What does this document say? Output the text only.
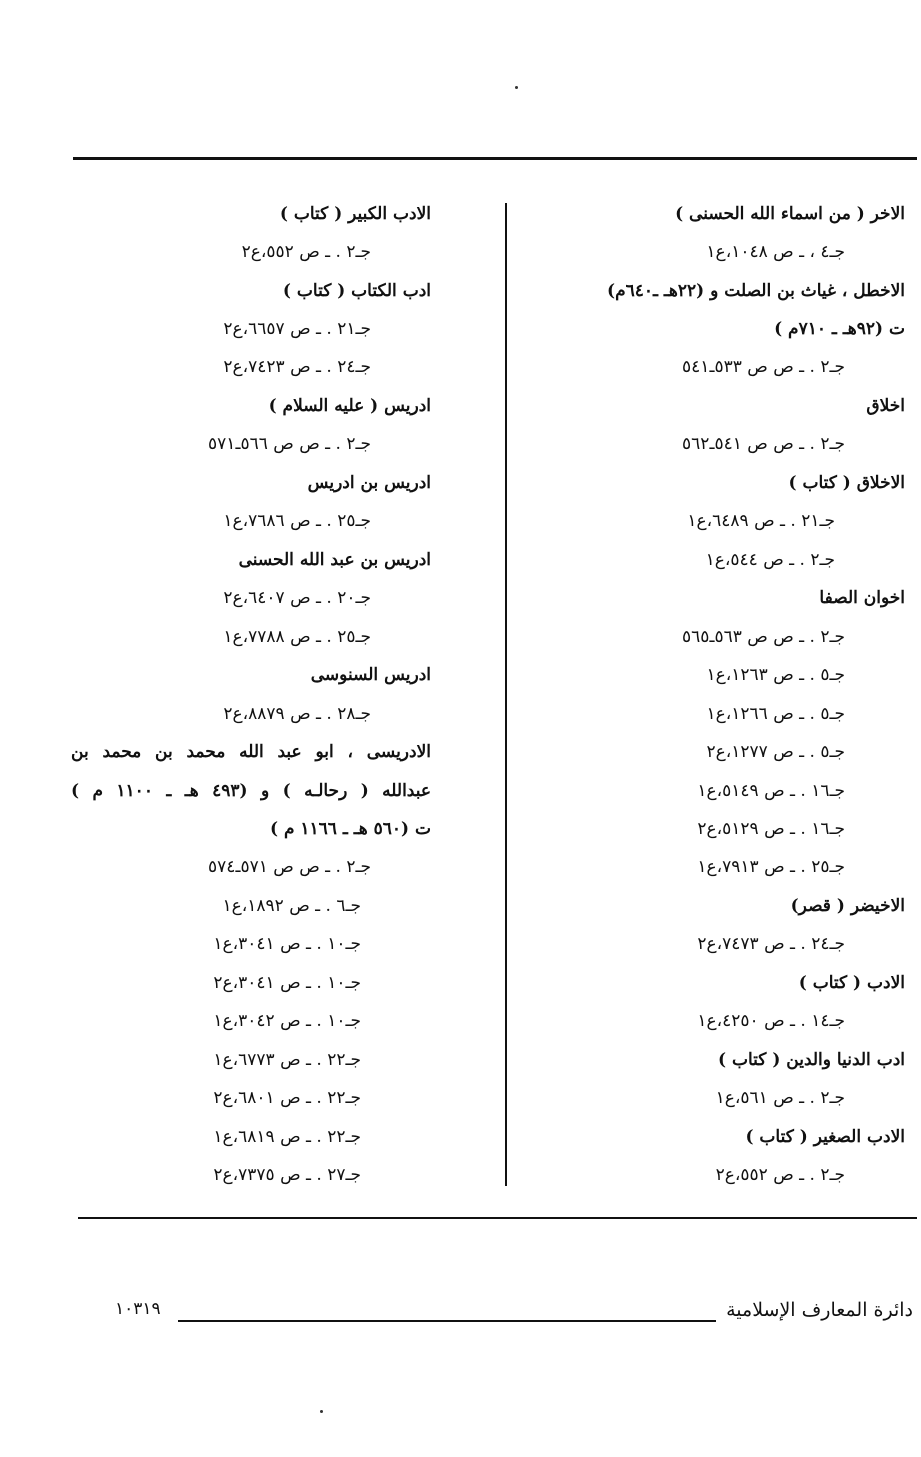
الاخر ( من اسماء الله الحسنى )
جـ٤ ، ـ ص ١٠٤٨،ع١
الاخطل ، غياث بن الصلت و (٢٢هـ ـ٦٤٠م)
ت (٩٢هـ ـ ٧١٠م )
جـ٢ . ـ ص ص ٥٣٣ـ٥٤١
اخلاق
جـ٢ . ـ ص ص ٥٤١ـ٥٦٢
الاخلاق ( كتاب )
جـ٢١ . ـ ص ٦٤٨٩،ع١
جـ٢ . ـ ص ٥٤٤،ع١
اخوان الصفا
جـ٢ . ـ ص ص ٥٦٣ـ٥٦٥
جـ٥ . ـ ص ١٢٦٣،ع١
جـ٥ . ـ ص ١٢٦٦،ع١
جـ٥ . ـ ص ١٢٧٧،ع٢
جـ١٦ . ـ ص ٥١٤٩،ع١
جـ١٦ . ـ ص ٥١٢٩،ع٢
جـ٢٥ . ـ ص ٧٩١٣،ع١
الاخيضر ( قصر)
جـ٢٤ . ـ ص ٧٤٧٣،ع٢
الادب ( كتاب )
جـ١٤ . ـ ص ٤٢٥٠،ع١
ادب الدنيا والدين ( كتاب )
جـ٢ . ـ ص ٥٦١،ع١
الادب الصغير ( كتاب )
جـ٢ . ـ ص ٥٥٢،ع٢
الادب الكبير ( كتاب )
جـ٢ . ـ ص ٥٥٢،ع٢
ادب الكتاب ( كتاب )
جـ٢١ . ـ ص ٦٦٥٧،ع٢
جـ٢٤ . ـ ص ٧٤٢٣،ع٢
ادريس ( عليه السلام )
جـ٢ . ـ ص ص ٥٦٦ـ٥٧١
ادريس بن ادريس
جـ٢٥ . ـ ص ٧٦٨٦،ع١
ادريس بن عبد الله الحسنى
جـ٢٠ . ـ ص ٦٤٠٧،ع٢
جـ٢٥ . ـ ص ٧٧٨٨،ع١
ادريس السنوسى
جـ٢٨ . ـ ص ٨٨٧٩،ع٢
الادريسى ، ابو عبد الله محمد بن محمد بن
عبدالله ( رحالـه ) و (٤٩٣ هـ ـ ١١٠٠ م )
ت (٥٦٠ هـ ـ ١١٦٦ م )
جـ٢ . ـ ص ص ٥٧١ـ٥٧٤
جـ٦ . ـ ص ١٨٩٢،ع١
جـ١٠ . ـ ص ٣٠٤١،ع١
جـ١٠ . ـ ص ٣٠٤١،ع٢
جـ١٠ . ـ ص ٣٠٤٢،ع١
جـ٢٢ . ـ ص ٦٧٧٣،ع١
جـ٢٢ . ـ ص ٦٨٠١،ع٢
جـ٢٢ . ـ ص ٦٨١٩،ع١
جـ٢٧ . ـ ص ٧٣٧٥،ع٢
دائرة المعارف الإسلامية
١٠٣١٩
